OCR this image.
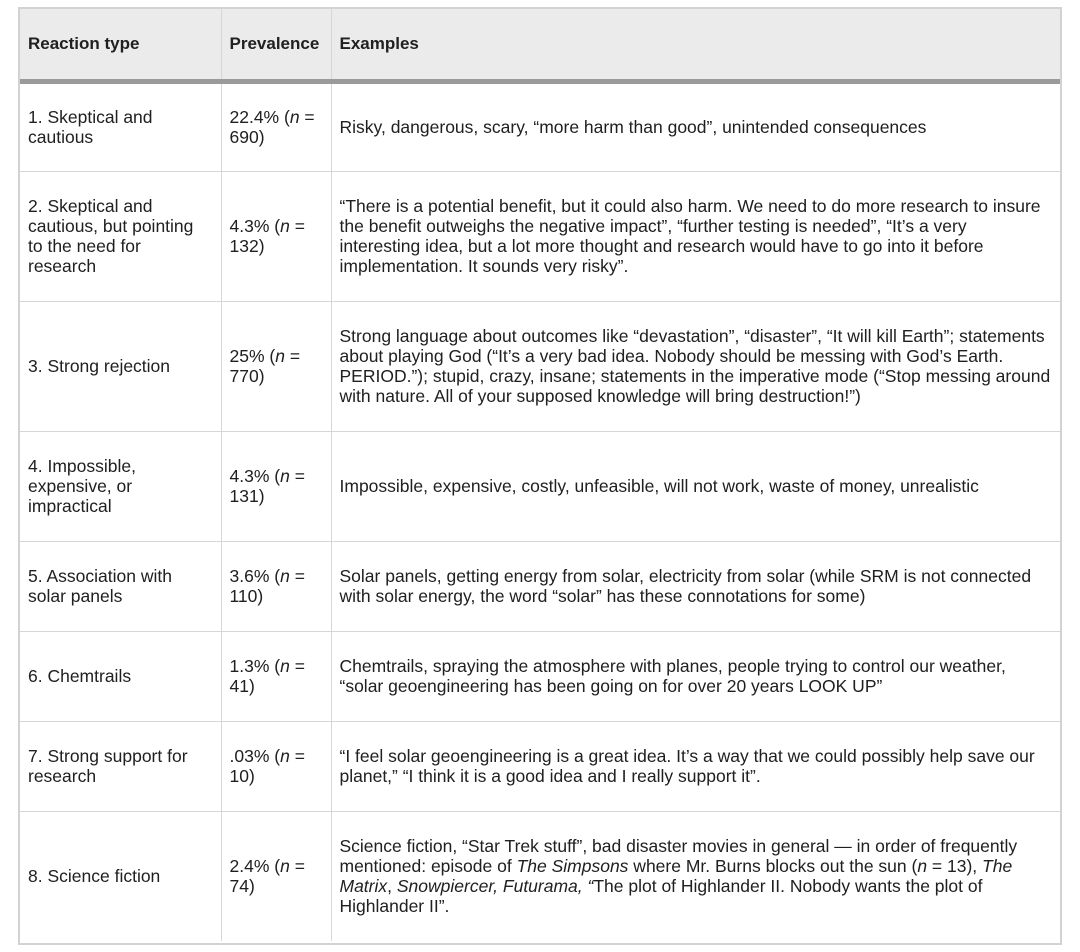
Reaction type	Prevalence	Examples
1. Skeptical and cautious	22.4% (n = 690)	Risky, dangerous, scary, “more harm than good”, unintended consequences
2. Skeptical and cautious, but pointing to the need for research	4.3% (n = 132)	“There is a potential benefit, but it could also harm. We need to do more research to insure the benefit outweighs the negative impact”, “further testing is needed”, “It’s a very interesting idea, but a lot more thought and research would have to go into it before implementation. It sounds very risky”.
3. Strong rejection	25% (n = 770)	Strong language about outcomes like “devastation”, “disaster”, “It will kill Earth”; statements about playing God (“It’s a very bad idea. Nobody should be messing with God’s Earth. PERIOD.”); stupid, crazy, insane; statements in the imperative mode (“Stop messing around with nature. All of your supposed knowledge will bring destruction!”)
4. Impossible, expensive, or impractical	4.3% (n = 131)	Impossible, expensive, costly, unfeasible, will not work, waste of money, unrealistic
5. Association with solar panels	3.6% (n = 110)	Solar panels, getting energy from solar, electricity from solar (while SRM is not connected with solar energy, the word “solar” has these connotations for some)
6. Chemtrails	1.3% (n = 41)	Chemtrails, spraying the atmosphere with planes, people trying to control our weather, “solar geoengineering has been going on for over 20 years LOOK UP”
7. Strong support for research	.03% (n = 10)	“I feel solar geoengineering is a great idea. It’s a way that we could possibly help save our planet,” “I think it is a good idea and I really support it”.
8. Science fiction	2.4% (n = 74)	Science fiction, “Star Trek stuff”, bad disaster movies in general — in order of frequently mentioned: episode of The Simpsons where Mr. Burns blocks out the sun (n = 13), The Matrix, Snowpiercer, Futurama, “The plot of Highlander II. Nobody wants the plot of Highlander II”.
